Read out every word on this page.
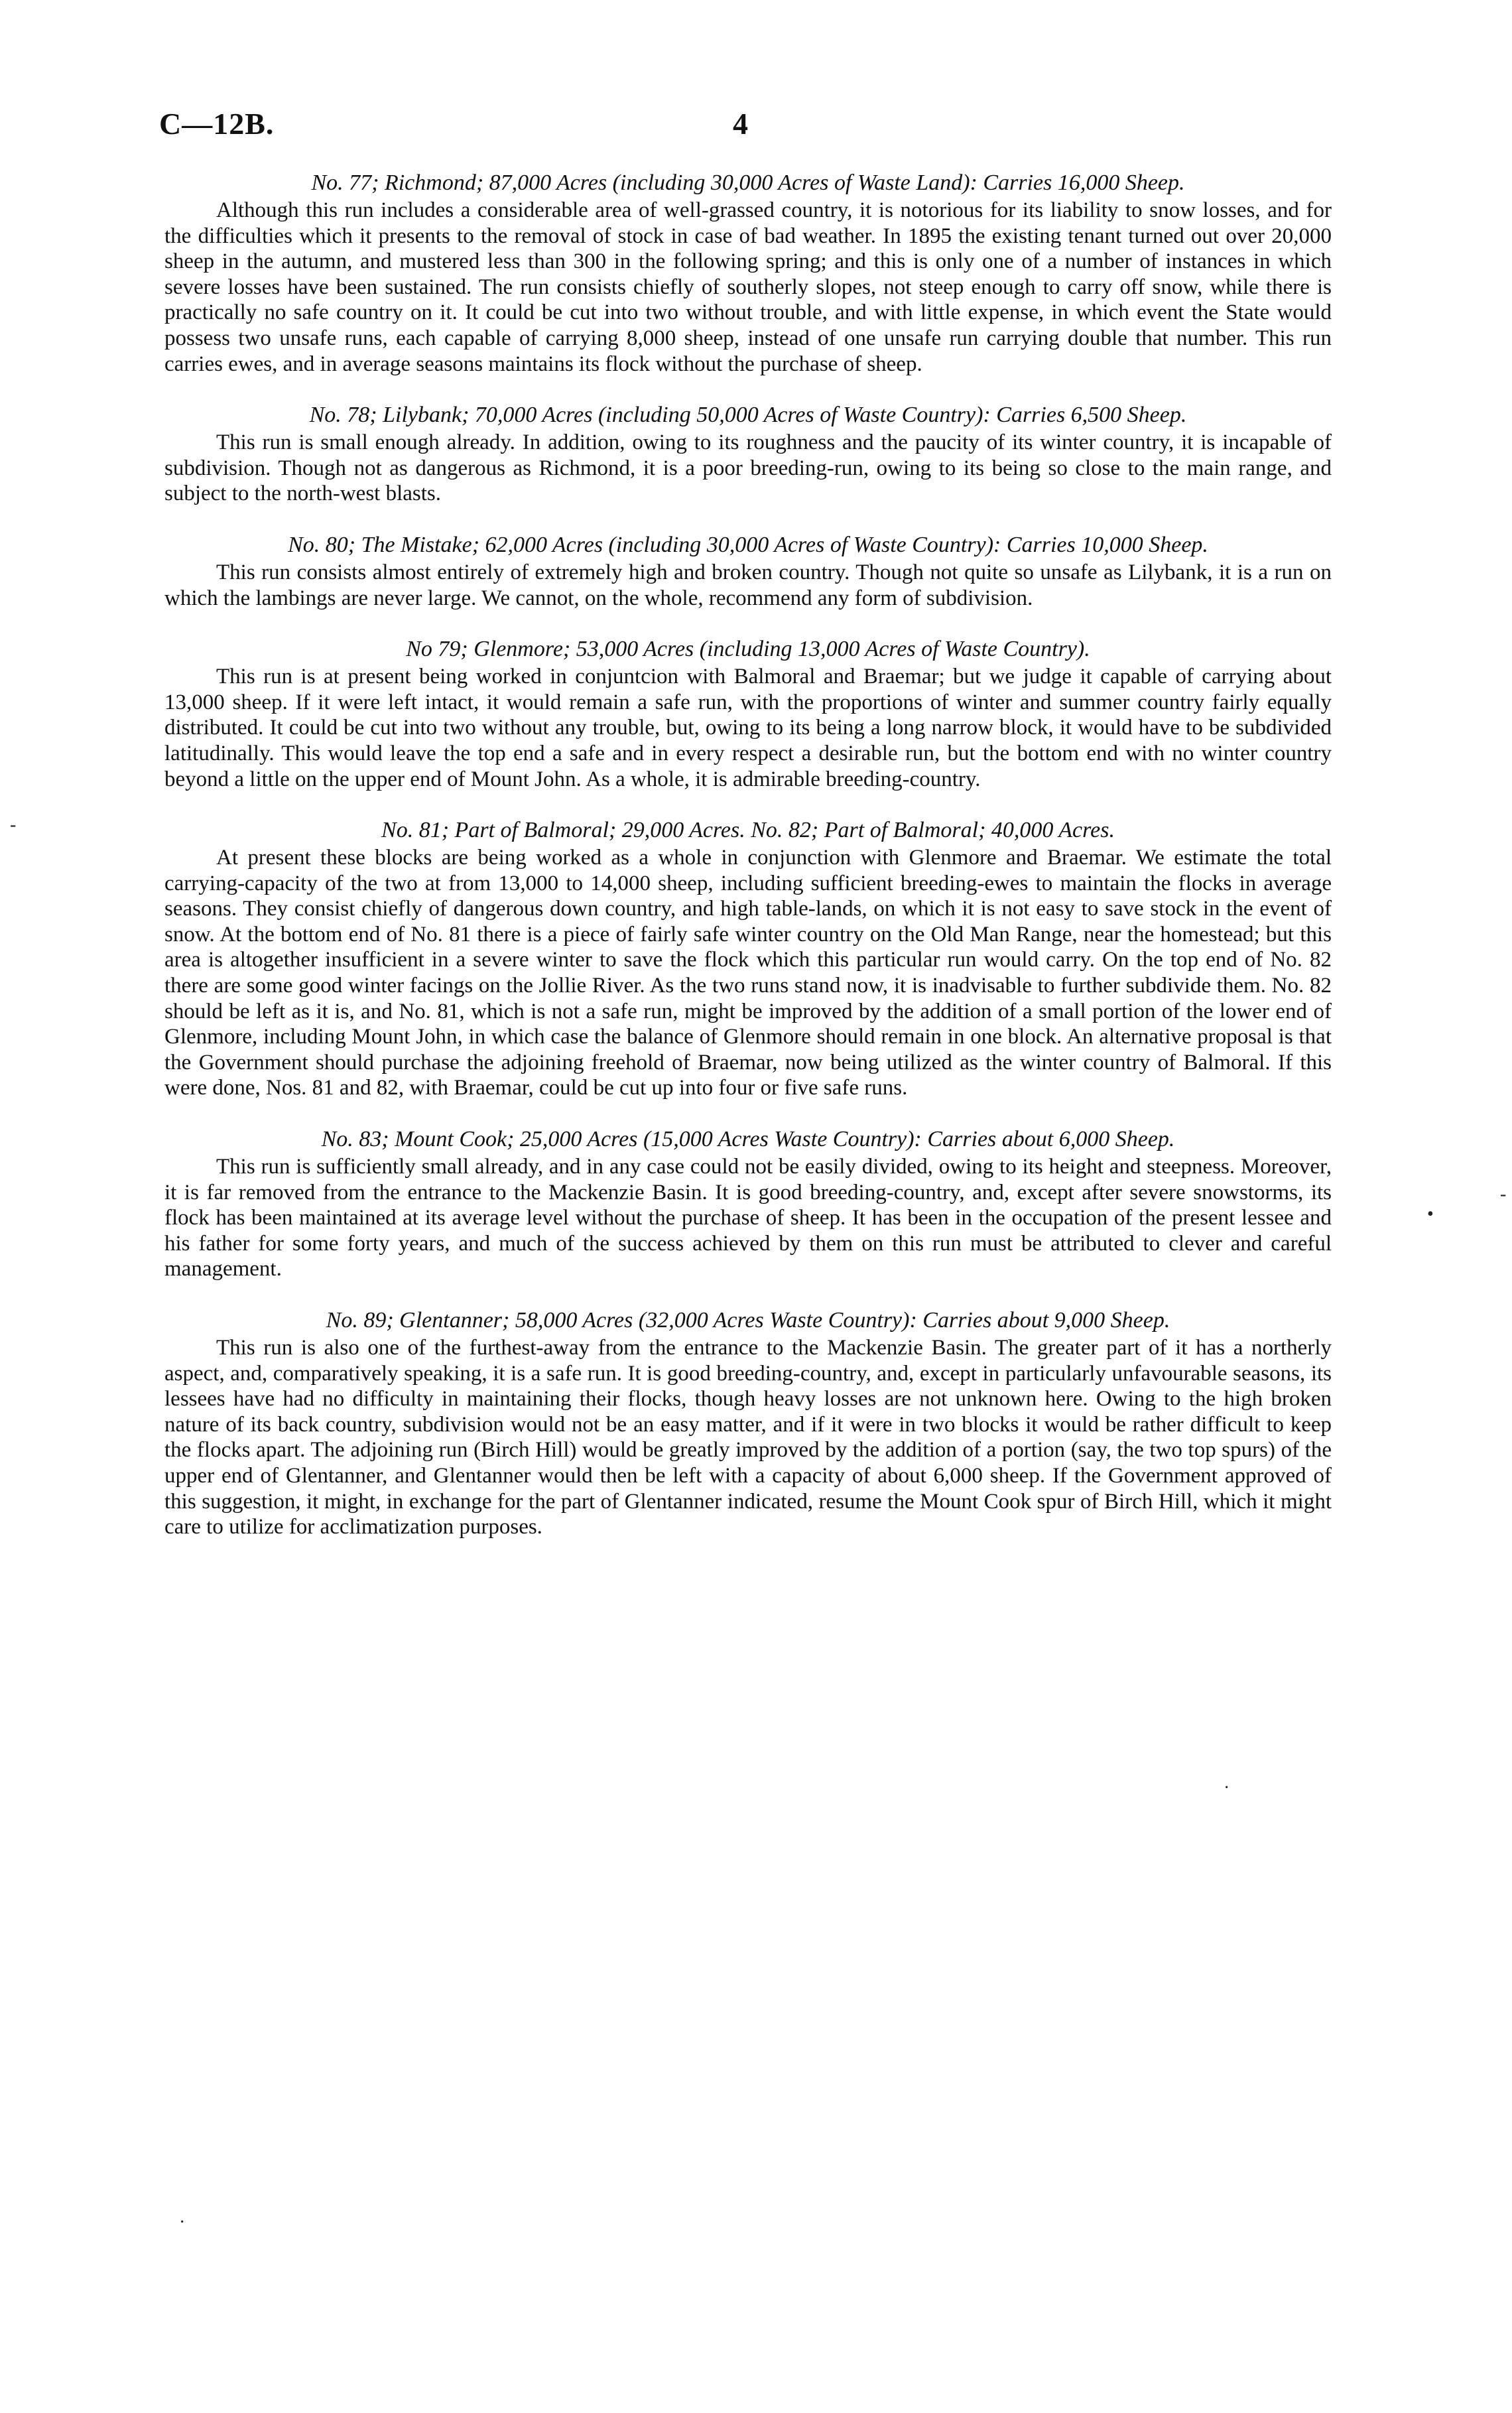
C—12B.	4

No. 77; Richmond; 87,000 Acres (including 30,000 Acres of Waste Land): Carries 16,000 Sheep.

Although this run includes a considerable area of well-grassed country, it is notorious for its liability to snow losses, and for the difficulties which it presents to the removal of stock in case of bad weather. In 1895 the existing tenant turned out over 20,000 sheep in the autumn, and mustered less than 300 in the following spring; and this is only one of a number of instances in which severe losses have been sustained. The run consists chiefly of southerly slopes, not steep enough to carry off snow, while there is practically no safe country on it. It could be cut into two without trouble, and with little expense, in which event the State would possess two unsafe runs, each capable of carrying 8,000 sheep, instead of one unsafe run carrying double that number. This run carries ewes, and in average seasons maintains its flock without the purchase of sheep.

No. 78; Lilybank; 70,000 Acres (including 50,000 Acres of Waste Country): Carries 6,500 Sheep.

This run is small enough already. In addition, owing to its roughness and the paucity of its winter country, it is incapable of subdivision. Though not as dangerous as Richmond, it is a poor breeding-run, owing to its being so close to the main range, and subject to the north-west blasts.

No. 80; The Mistake; 62,000 Acres (including 30,000 Acres of Waste Country): Carries 10,000 Sheep.

This run consists almost entirely of extremely high and broken country. Though not quite so unsafe as Lilybank, it is a run on which the lambings are never large. We cannot, on the whole, recommend any form of subdivision.

No 79; Glenmore; 53,000 Acres (including 13,000 Acres of Waste Country).

This run is at present being worked in conjuntcion with Balmoral and Braemar; but we judge it capable of carrying about 13,000 sheep. If it were left intact, it would remain a safe run, with the proportions of winter and summer country fairly equally distributed. It could be cut into two without any trouble, but, owing to its being a long narrow block, it would have to be subdivided latitudinally. This would leave the top end a safe and in every respect a desirable run, but the bottom end with no winter country beyond a little on the upper end of Mount John. As a whole, it is admirable breeding-country.

No. 81; Part of Balmoral; 29,000 Acres. No. 82; Part of Balmoral; 40,000 Acres.

At present these blocks are being worked as a whole in conjunction with Glenmore and Braemar. We estimate the total carrying-capacity of the two at from 13,000 to 14,000 sheep, including sufficient breeding-ewes to maintain the flocks in average seasons. They consist chiefly of dangerous down country, and high table-lands, on which it is not easy to save stock in the event of snow. At the bottom end of No. 81 there is a piece of fairly safe winter country on the Old Man Range, near the homestead; but this area is altogether insufficient in a severe winter to save the flock which this particular run would carry. On the top end of No. 82 there are some good winter facings on the Jollie River. As the two runs stand now, it is inadvisable to further subdivide them. No. 82 should be left as it is, and No. 81, which is not a safe run, might be improved by the addition of a small portion of the lower end of Glenmore, including Mount John, in which case the balance of Glenmore should remain in one block. An alternative proposal is that the Government should purchase the adjoining freehold of Braemar, now being utilized as the winter country of Balmoral. If this were done, Nos. 81 and 82, with Braemar, could be cut up into four or five safe runs.

No. 83; Mount Cook; 25,000 Acres (15,000 Acres Waste Country): Carries about 6,000 Sheep.

This run is sufficiently small already, and in any case could not be easily divided, owing to its height and steepness. Moreover, it is far removed from the entrance to the Mackenzie Basin. It is good breeding-country, and, except after severe snowstorms, its flock has been maintained at its average level without the purchase of sheep. It has been in the occupation of the present lessee and his father for some forty years, and much of the success achieved by them on this run must be attributed to clever and careful management.

No. 89; Glentanner; 58,000 Acres (32,000 Acres Waste Country): Carries about 9,000 Sheep.

This run is also one of the furthest-away from the entrance to the Mackenzie Basin. The greater part of it has a northerly aspect, and, comparatively speaking, it is a safe run. It is good breeding-country, and, except in particularly unfavourable seasons, its lessees have had no difficulty in maintaining their flocks, though heavy losses are not unknown here. Owing to the high broken nature of its back country, subdivision would not be an easy matter, and if it were in two blocks it would be rather difficult to keep the flocks apart. The adjoining run (Birch Hill) would be greatly improved by the addition of a portion (say, the two top spurs) of the upper end of Glentanner, and Glentanner would then be left with a capacity of about 6,000 sheep. If the Government approved of this suggestion, it might, in exchange for the part of Glentanner indicated, resume the Mount Cook spur of Birch Hill, which it might care to utilize for acclimatization purposes.

-
•
-
·
·
